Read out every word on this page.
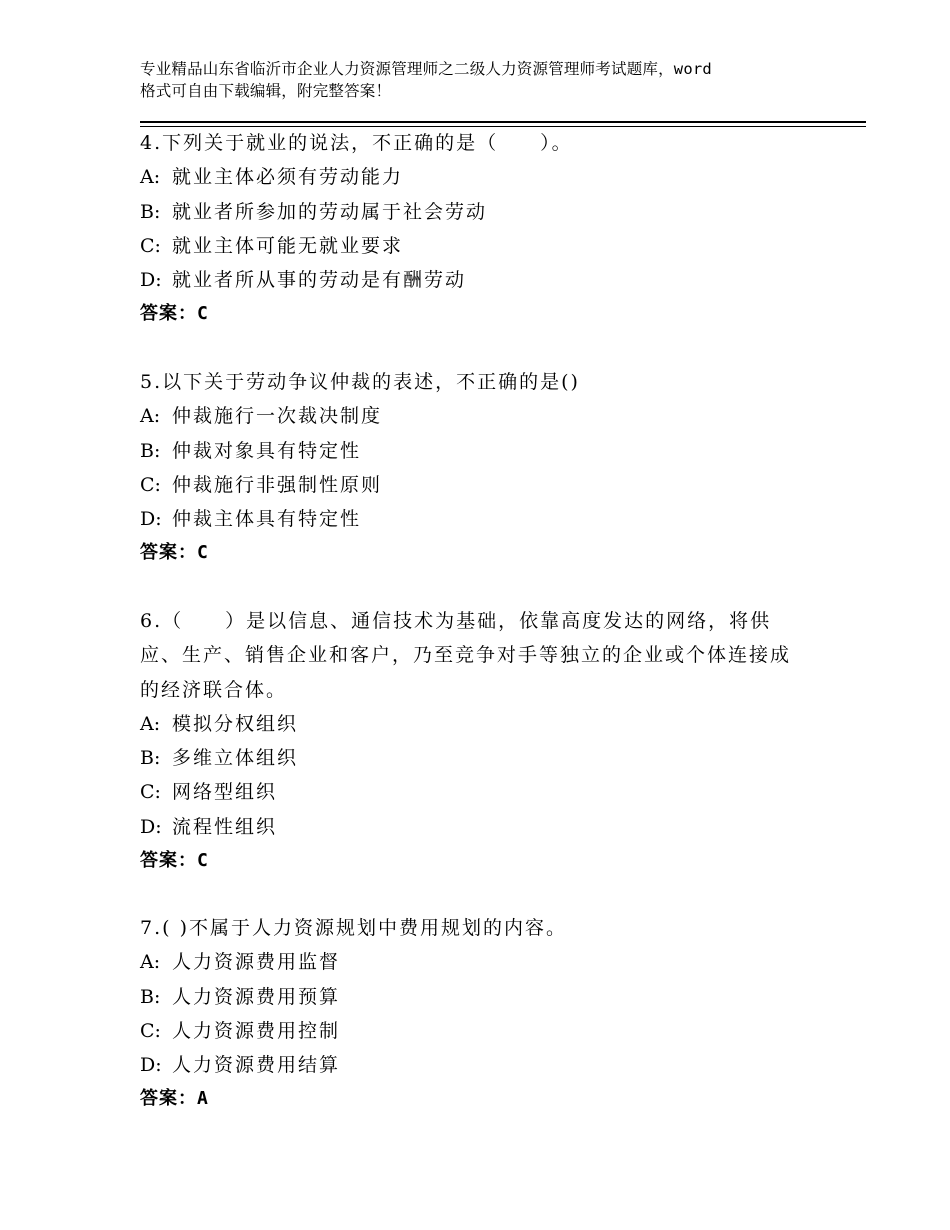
专业精品山东省临沂市企业人力资源管理师之二级人力资源管理师考试题库，word
格式可自由下载编辑，附完整答案！

4.下列关于就业的说法，不正确的是（　　）。

A: 就业主体必须有劳动能力

B: 就业者所参加的劳动属于社会劳动

C: 就业主体可能无就业要求

D: 就业者所从事的劳动是有酬劳动

答案：C

5.以下关于劳动争议仲裁的表述，不正确的是()

A: 仲裁施行一次裁决制度

B: 仲裁对象具有特定性

C: 仲裁施行非强制性原则

D: 仲裁主体具有特定性

答案：C

6.（　　）是以信息、通信技术为基础，依靠高度发达的网络，将供应、生产、销售企业和客户，乃至竞争对手等独立的企业或个体连接成的经济联合体。

A: 模拟分权组织

B: 多维立体组织

C: 网络型组织

D: 流程性组织

答案：C

7.( )不属于人力资源规划中费用规划的内容。

A: 人力资源费用监督

B: 人力资源费用预算

C: 人力资源费用控制

D: 人力资源费用结算

答案：A
